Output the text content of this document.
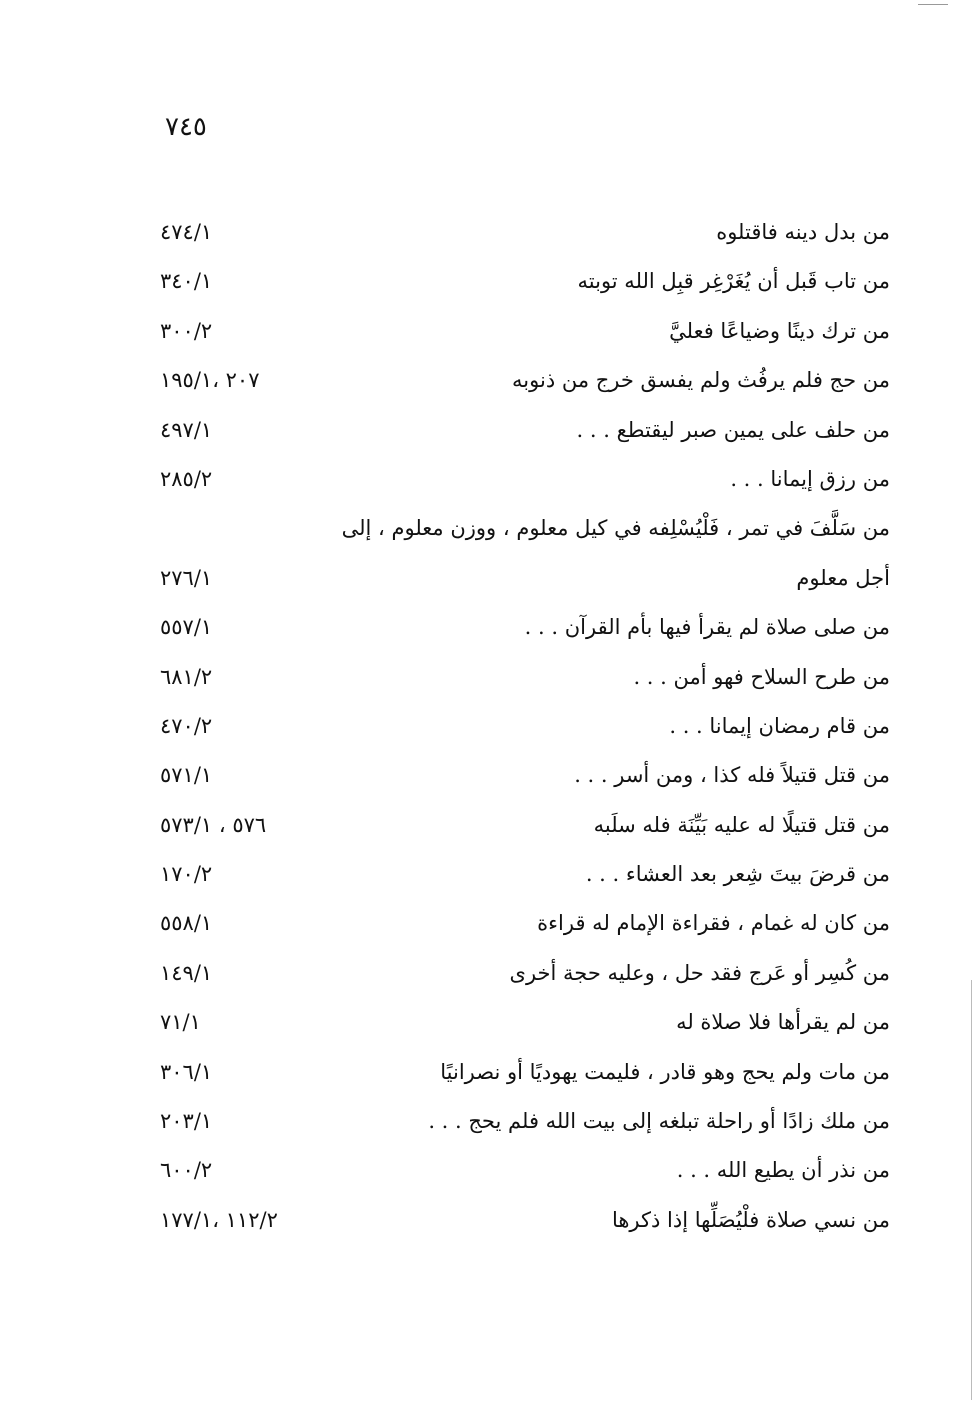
٧٤٥
من بدل دينه فاقتلوه
٤٧٤/١
من تاب قَبل أن يُغَرْغِر قبِل الله توبته
٣٤٠/١
من ترك دينًا وضياعًا فعليَّ
٣٠٠/٢
من حج فلم يرفُث ولم يفسق خرج من ذنوبه
٢٠٧ ،١٩٥/١
من حلف على يمين صبر ليقتطع . . .
٤٩٧/١
من رزق إيمانا . . .
٢٨٥/٢
من سَلَّفَ في تمر ، فَلْيُسْلِفه في كيل معلوم ، ووزن معلوم ، إلى
أجل معلوم
٢٧٦/١
من صلى صلاة لم يقرأ فيها بأم القرآن . . .
٥٥٧/١
من طرح السلاح فهو أمن . . .
٦٨١/٢
من قام رمضان إيمانا . . .
٤٧٠/٢
من قتل قتيلاً فله كذا ، ومن أسر . . .
٥٧١/١
من قتل قتيلًا له عليه بَيِّنَة فله سلَبه
٥٧٦ ، ٥٧٣/١
من قرضَ بيتَ شِعر بعد العشاء . . .
١٧٠/٢
من كان له غمام ، فقراءة الإمام له قراءة
٥٥٨/١
من كُسِر أو عَرج فقد حل ، وعليه حجة أخرى
١٤٩/١
من لم يقرأها فلا صلاة له
٧١/١
من مات ولم يحج وهو قادر ، فليمت يهوديًا أو نصرانيًا
٣٠٦/١
من ملك زادًا أو راحلة تبلغه إلى بيت الله فلم يحج . . .
٢٠٣/١
من نذر أن يطيع الله . . .
٦٠٠/٢
من نسي صلاة فلْيُصَلِّها إذا ذكرها
١١٢/٢ ،١٧٧/١
